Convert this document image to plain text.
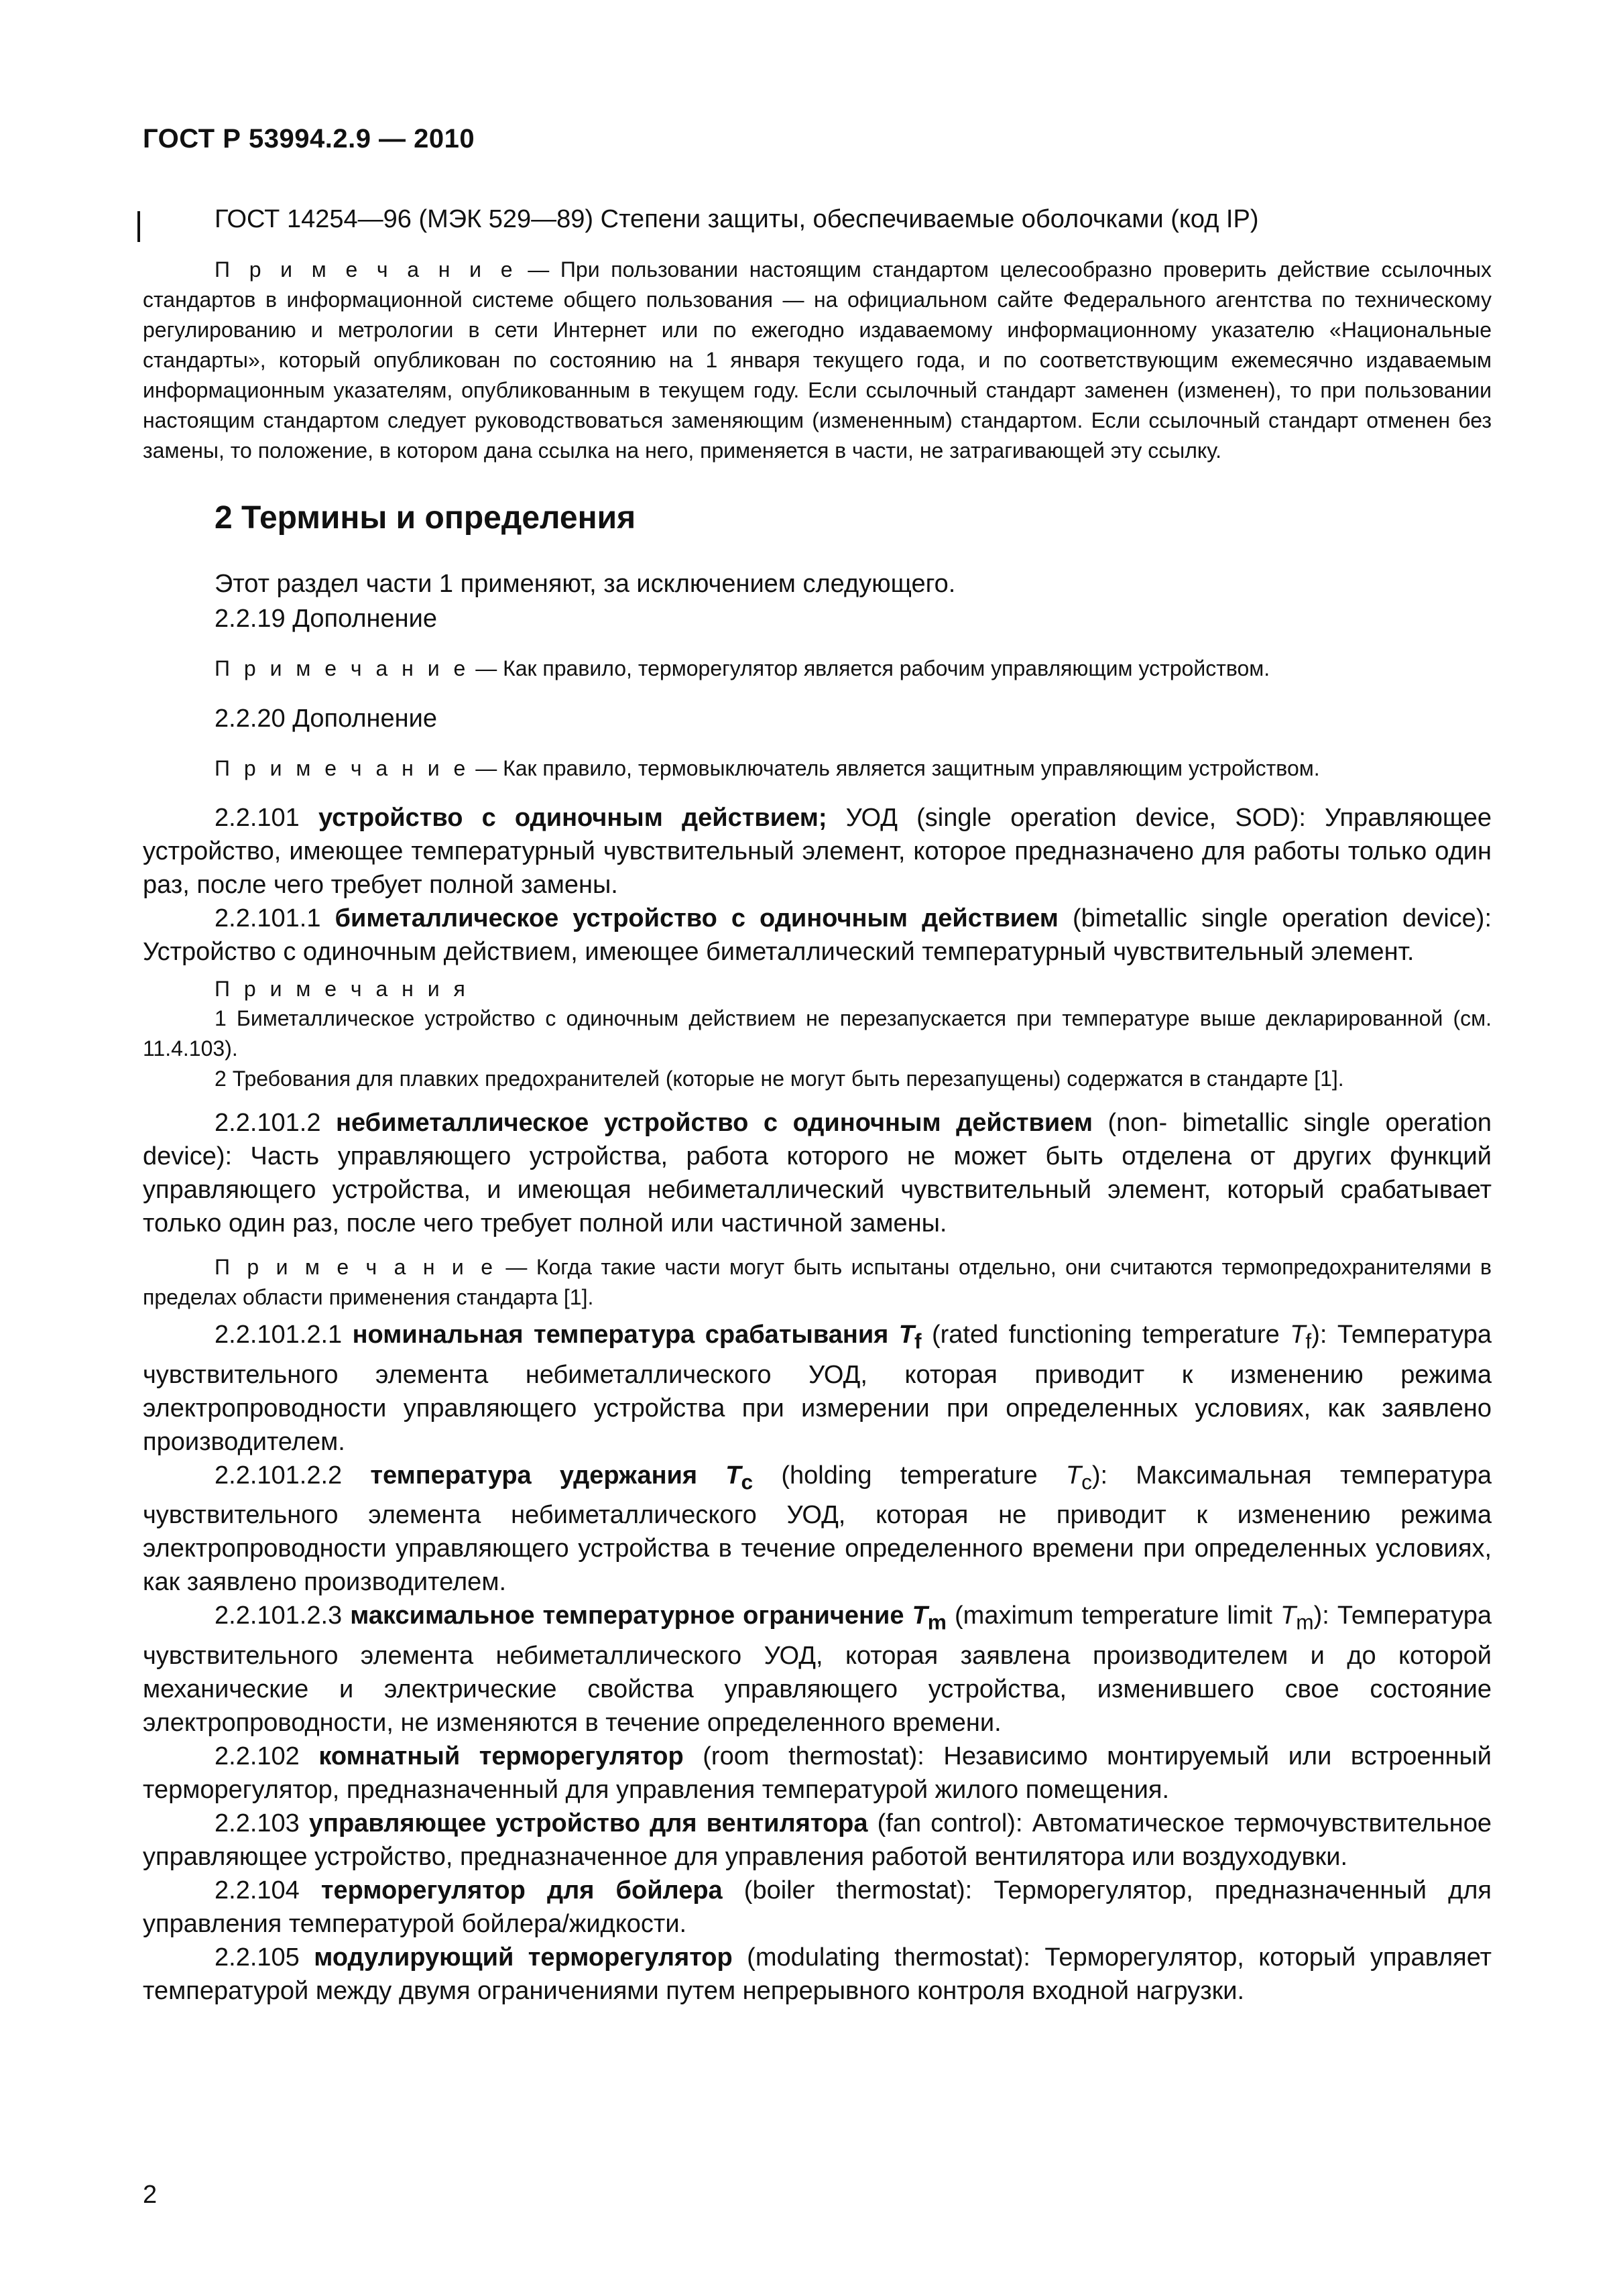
ГОСТ Р 53994.2.9 — 2010

ГОСТ 14254—96 (МЭК 529—89) Степени защиты, обеспечиваемые оболочками (код IP)

П р и м е ч а н и е — При пользовании настоящим стандартом целесообразно проверить действие ссылочных стандартов в информационной системе общего пользования — на официальном сайте Федерального агентства по техническому регулированию и метрологии в сети Интернет или по ежегодно издаваемому информационному указателю «Национальные стандарты», который опубликован по состоянию на 1 января текущего года, и по соответствующим ежемесячно издаваемым информационным указателям, опубликованным в текущем году. Если ссылочный стандарт заменен (изменен), то при пользовании настоящим стандартом следует руководствоваться заменяющим (измененным) стандартом. Если ссылочный стандарт отменен без замены, то положение, в котором дана ссылка на него, применяется в части, не затрагивающей эту ссылку.

2 Термины и определения

Этот раздел части 1 применяют, за исключением следующего.

2.2.19 Дополнение

П р и м е ч а н и е — Как правило, терморегулятор является рабочим управляющим устройством.

2.2.20 Дополнение

П р и м е ч а н и е — Как правило, термовыключатель является защитным управляющим устройством.

2.2.101 устройство с одиночным действием; УОД (single operation device, SOD): Управляющее устройство, имеющее температурный чувствительный элемент, которое предназначено для работы только один раз, после чего требует полной замены.

2.2.101.1 биметаллическое устройство с одиночным действием (bimetallic single operation device): Устройство с одиночным действием, имеющее биметаллический температурный чувствительный элемент.

П р и м е ч а н и я

1 Биметаллическое устройство с одиночным действием не перезапускается при температуре выше декларированной (см. 11.4.103).

2 Требования для плавких предохранителей (которые не могут быть перезапущены) содержатся в стандарте [1].

2.2.101.2 небиметаллическое устройство с одиночным действием (non- bimetallic single operation device): Часть управляющего устройства, работа которого не может быть отделена от других функций управляющего устройства, и имеющая небиметаллический чувствительный элемент, который срабатывает только один раз, после чего требует полной или частичной замены.

П р и м е ч а н и е — Когда такие части могут быть испытаны отдельно, они считаются термопредохранителями в пределах области применения стандарта [1].

2.2.101.2.1 номинальная температура срабатывания $T_f$ (rated functioning temperature $T_f$): Температура чувствительного элемента небиметаллического УОД, которая приводит к изменению режима электропроводности управляющего устройства при измерении при определенных условиях, как заявлено производителем.

2.2.101.2.2 температура удержания $T_c$ (holding temperature $T_c$): Максимальная температура чувствительного элемента небиметаллического УОД, которая не приводит к изменению режима электропроводности управляющего устройства в течение определенного времени при определенных условиях, как заявлено производителем.

2.2.101.2.3 максимальное температурное ограничение $T_m$ (maximum temperature limit $T_m$): Температура чувствительного элемента небиметаллического УОД, которая заявлена производителем и до которой механические и электрические свойства управляющего устройства, изменившего свое состояние электропроводности, не изменяются в течение определенного времени.

2.2.102 комнатный терморегулятор (room thermostat): Независимо монтируемый или встроенный терморегулятор, предназначенный для управления температурой жилого помещения.

2.2.103 управляющее устройство для вентилятора (fan control): Автоматическое термочувствительное управляющее устройство, предназначенное для управления работой вентилятора или воздуходувки.

2.2.104 терморегулятор для бойлера (boiler thermostat): Терморегулятор, предназначенный для управления температурой бойлера/жидкости.

2.2.105 модулирующий терморегулятор (modulating thermostat): Терморегулятор, который управляет температурой между двумя ограничениями путем непрерывного контроля входной нагрузки.

2
